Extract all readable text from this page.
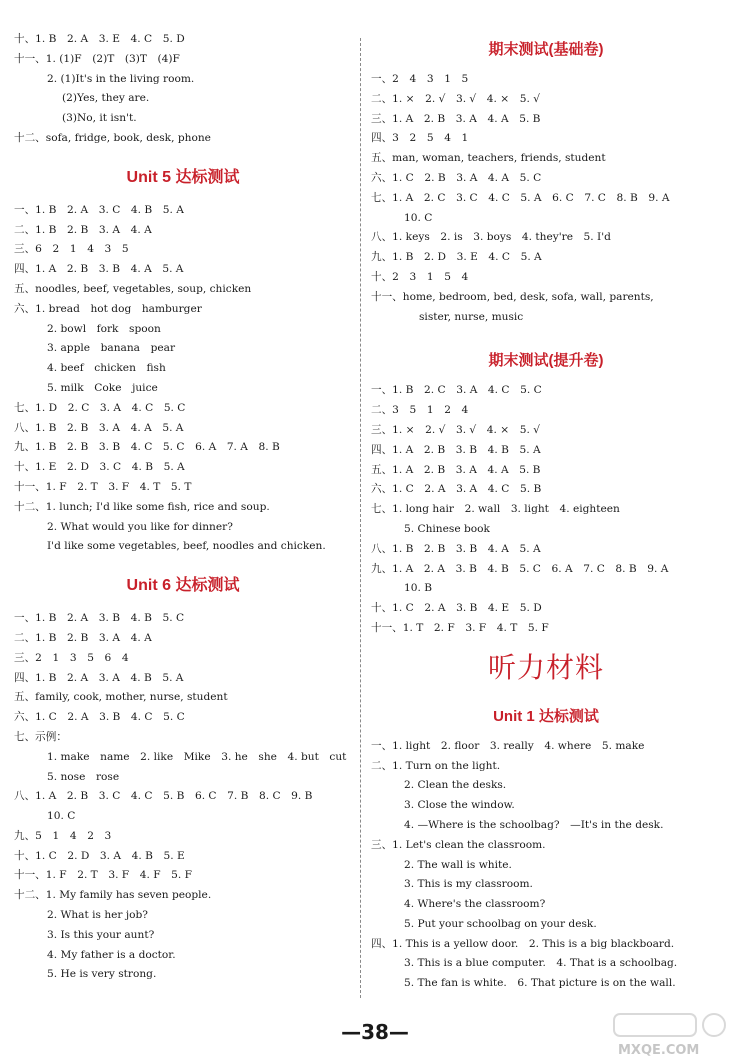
十、1. B　2. A　3. E　4. C　5. D
十一、1. (1)F　(2)T　(3)T　(4)F
2. (1)It's in the living room.
(2)Yes, they are.
(3)No, it isn't.
十二、sofa, fridge, book, desk, phone
Unit 5 达标测试
一、1. B　2. A　3. C　4. B　5. A
二、1. B　2. B　3. A　4. A
三、6　2　1　4　3　5
四、1. A　2. B　3. B　4. A　5. A
五、noodles, beef, vegetables, soup, chicken
六、1. bread　hot dog　hamburger
2. bowl　fork　spoon
3. apple　banana　pear
4. beef　chicken　fish
5. milk　Coke　juice
七、1. D　2. C　3. A　4. C　5. C
八、1. B　2. B　3. A　4. A　5. A
九、1. B　2. B　3. B　4. C　5. C　6. A　7. A　8. B
十、1. E　2. D　3. C　4. B　5. A
十一、1. F　2. T　3. F　4. T　5. T
十二、1. lunch; I'd like some fish, rice and soup.
2. What would you like for dinner?
I'd like some vegetables, beef, noodles and chicken.
Unit 6 达标测试
一、1. B　2. A　3. B　4. B　5. C
二、1. B　2. B　3. A　4. A
三、2　1　3　5　6　4
四、1. B　2. A　3. A　4. B　5. A
五、family, cook, mother, nurse, student
六、1. C　2. A　3. B　4. C　5. C
七、示例：
1. make　name　2. like　Mike　3. he　she　4. but　cut
5. nose　rose
八、1. A　2. B　3. C　4. C　5. B　6. C　7. B　8. C　9. B
10. C
九、5　1　4　2　3
十、1. C　2. D　3. A　4. B　5. E
十一、1. F　2. T　3. F　4. F　5. F
十二、1. My family has seven people.
2. What is her job?
3. Is this your aunt?
4. My father is a doctor.
5. He is very strong.
期末测试(基础卷)
一、2　4　3　1　5
二、1. ×　2. √　3. √　4. ×　5. √
三、1. A　2. B　3. A　4. A　5. B
四、3　2　5　4　1
五、man, woman, teachers, friends, student
六、1. C　2. B　3. A　4. A　5. C
七、1. A　2. C　3. C　4. C　5. A　6. C　7. C　8. B　9. A
10. C
八、1. keys　2. is　3. boys　4. they're　5. I'd
九、1. B　2. D　3. E　4. C　5. A
十、2　3　1　5　4
十一、home, bedroom, bed, desk, sofa, wall, parents,
sister, nurse, music
期末测试(提升卷)
一、1. B　2. C　3. A　4. C　5. C
二、3　5　1　2　4
三、1. ×　2. √　3. √　4. ×　5. √
四、1. A　2. B　3. B　4. B　5. A
五、1. A　2. B　3. A　4. A　5. B
六、1. C　2. A　3. A　4. C　5. B
七、1. long hair　2. wall　3. light　4. eighteen
5. Chinese book
八、1. B　2. B　3. B　4. A　5. A
九、1. A　2. A　3. B　4. B　5. C　6. A　7. C　8. B　9. A
10. B
十、1. C　2. A　3. B　4. E　5. D
十一、1. T　2. F　3. F　4. T　5. F
听力材料
Unit 1 达标测试
一、1. light　2. floor　3. really　4. where　5. make
二、1. Turn on the light.
2. Clean the desks.
3. Close the window.
4. —Where is the schoolbag?　—It's in the desk.
三、1. Let's clean the classroom.
2. The wall is white.
3. This is my classroom.
4. Where's the classroom?
5. Put your schoolbag on your desk.
四、1. This is a yellow door.　2. This is a big blackboard.
3. This is a blue computer.　4. That is a schoolbag.
5. The fan is white.　6. That picture is on the wall.
—38—
MXQE.COM
